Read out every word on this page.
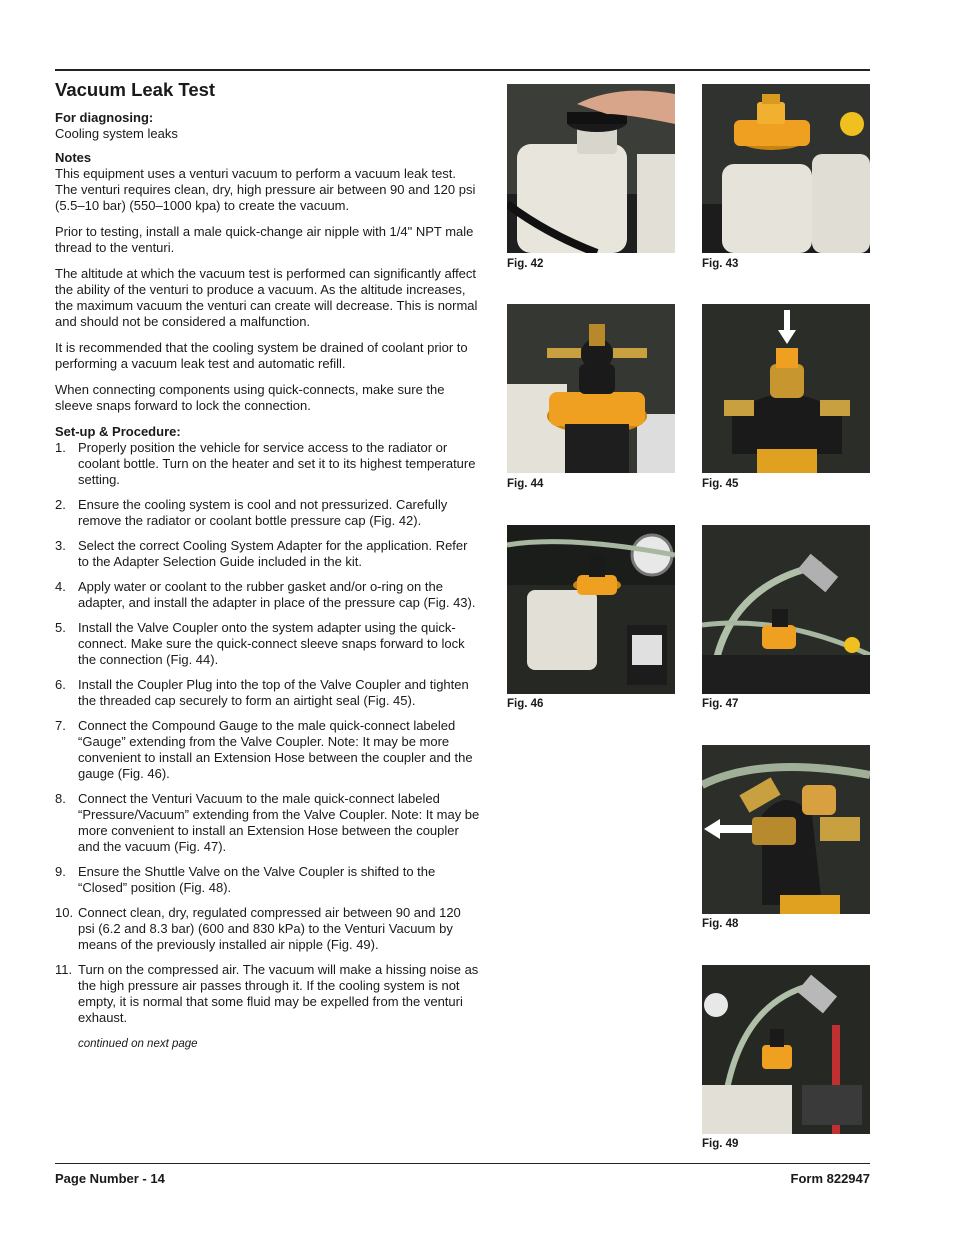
Vacuum Leak Test

For diagnosing:

Cooling system leaks

Notes

This equipment uses a venturi vacuum to perform a vacuum leak test. The venturi requires clean, dry, high pressure air between 90 and 120 psi (5.5–10 bar) (550–1000 kpa) to create the vacuum.

Prior to testing, install a male quick-change air nipple with 1/4" NPT male thread to the venturi.

The altitude at which the vacuum test is performed can significantly affect the ability of the venturi to produce a vacuum. As the altitude increases, the maximum vacuum the venturi can create will decrease. This is normal and should not be considered a malfunction.

It is recommended that the cooling system be drained of coolant prior to performing a vacuum leak test and automatic refill.

When connecting components using quick-connects, make sure the sleeve snaps forward to lock the connection.

Set-up & Procedure:

1. Properly position the vehicle for service access to the radiator or coolant bottle. Turn on the heater and set it to its highest temperature setting.
2. Ensure the cooling system is cool and not pressurized. Carefully remove the radiator or coolant bottle pressure cap (Fig. 42).
3. Select the correct Cooling System Adapter for the application. Refer to the Adapter Selection Guide included in the kit.
4. Apply water or coolant to the rubber gasket and/or o-ring on the adapter, and install the adapter in place of the pressure cap (Fig. 43).
5. Install the Valve Coupler onto the system adapter using the quick-connect. Make sure the quick-connect sleeve snaps forward to lock the connection (Fig. 44).
6. Install the Coupler Plug into the top of the Valve Coupler and tighten the threaded cap securely to form an airtight seal (Fig. 45).
7. Connect the Compound Gauge to the male quick-connect labeled “Gauge” extending from the Valve Coupler. Note: It may be more convenient to install an Extension Hose between the coupler and the gauge (Fig. 46).
8. Connect the Venturi Vacuum to the male quick-connect labeled “Pressure/Vacuum” extending from the Valve Coupler. Note: It may be more convenient to install an Extension Hose between the coupler and the vacuum (Fig. 47).
9. Ensure the Shuttle Valve on the Valve Coupler is shifted to the “Closed” position (Fig. 48).
10. Connect clean, dry, regulated compressed air between 90 and 120 psi (6.2 and 8.3 bar) (600 and 830 kPa) to the Venturi Vacuum by means of the previously installed air nipple (Fig. 49).
11. Turn on the compressed air. The vacuum will make a hissing noise as the high pressure air passes through it. If the cooling system is not empty, it is normal that some fluid may be expelled from the venturi exhaust.
continued on next page
Fig. 42	Fig. 43
Fig. 44	Fig. 45
Fig. 46	Fig. 47
Fig. 48
Fig. 49
Page Number - 14	Form 822947
